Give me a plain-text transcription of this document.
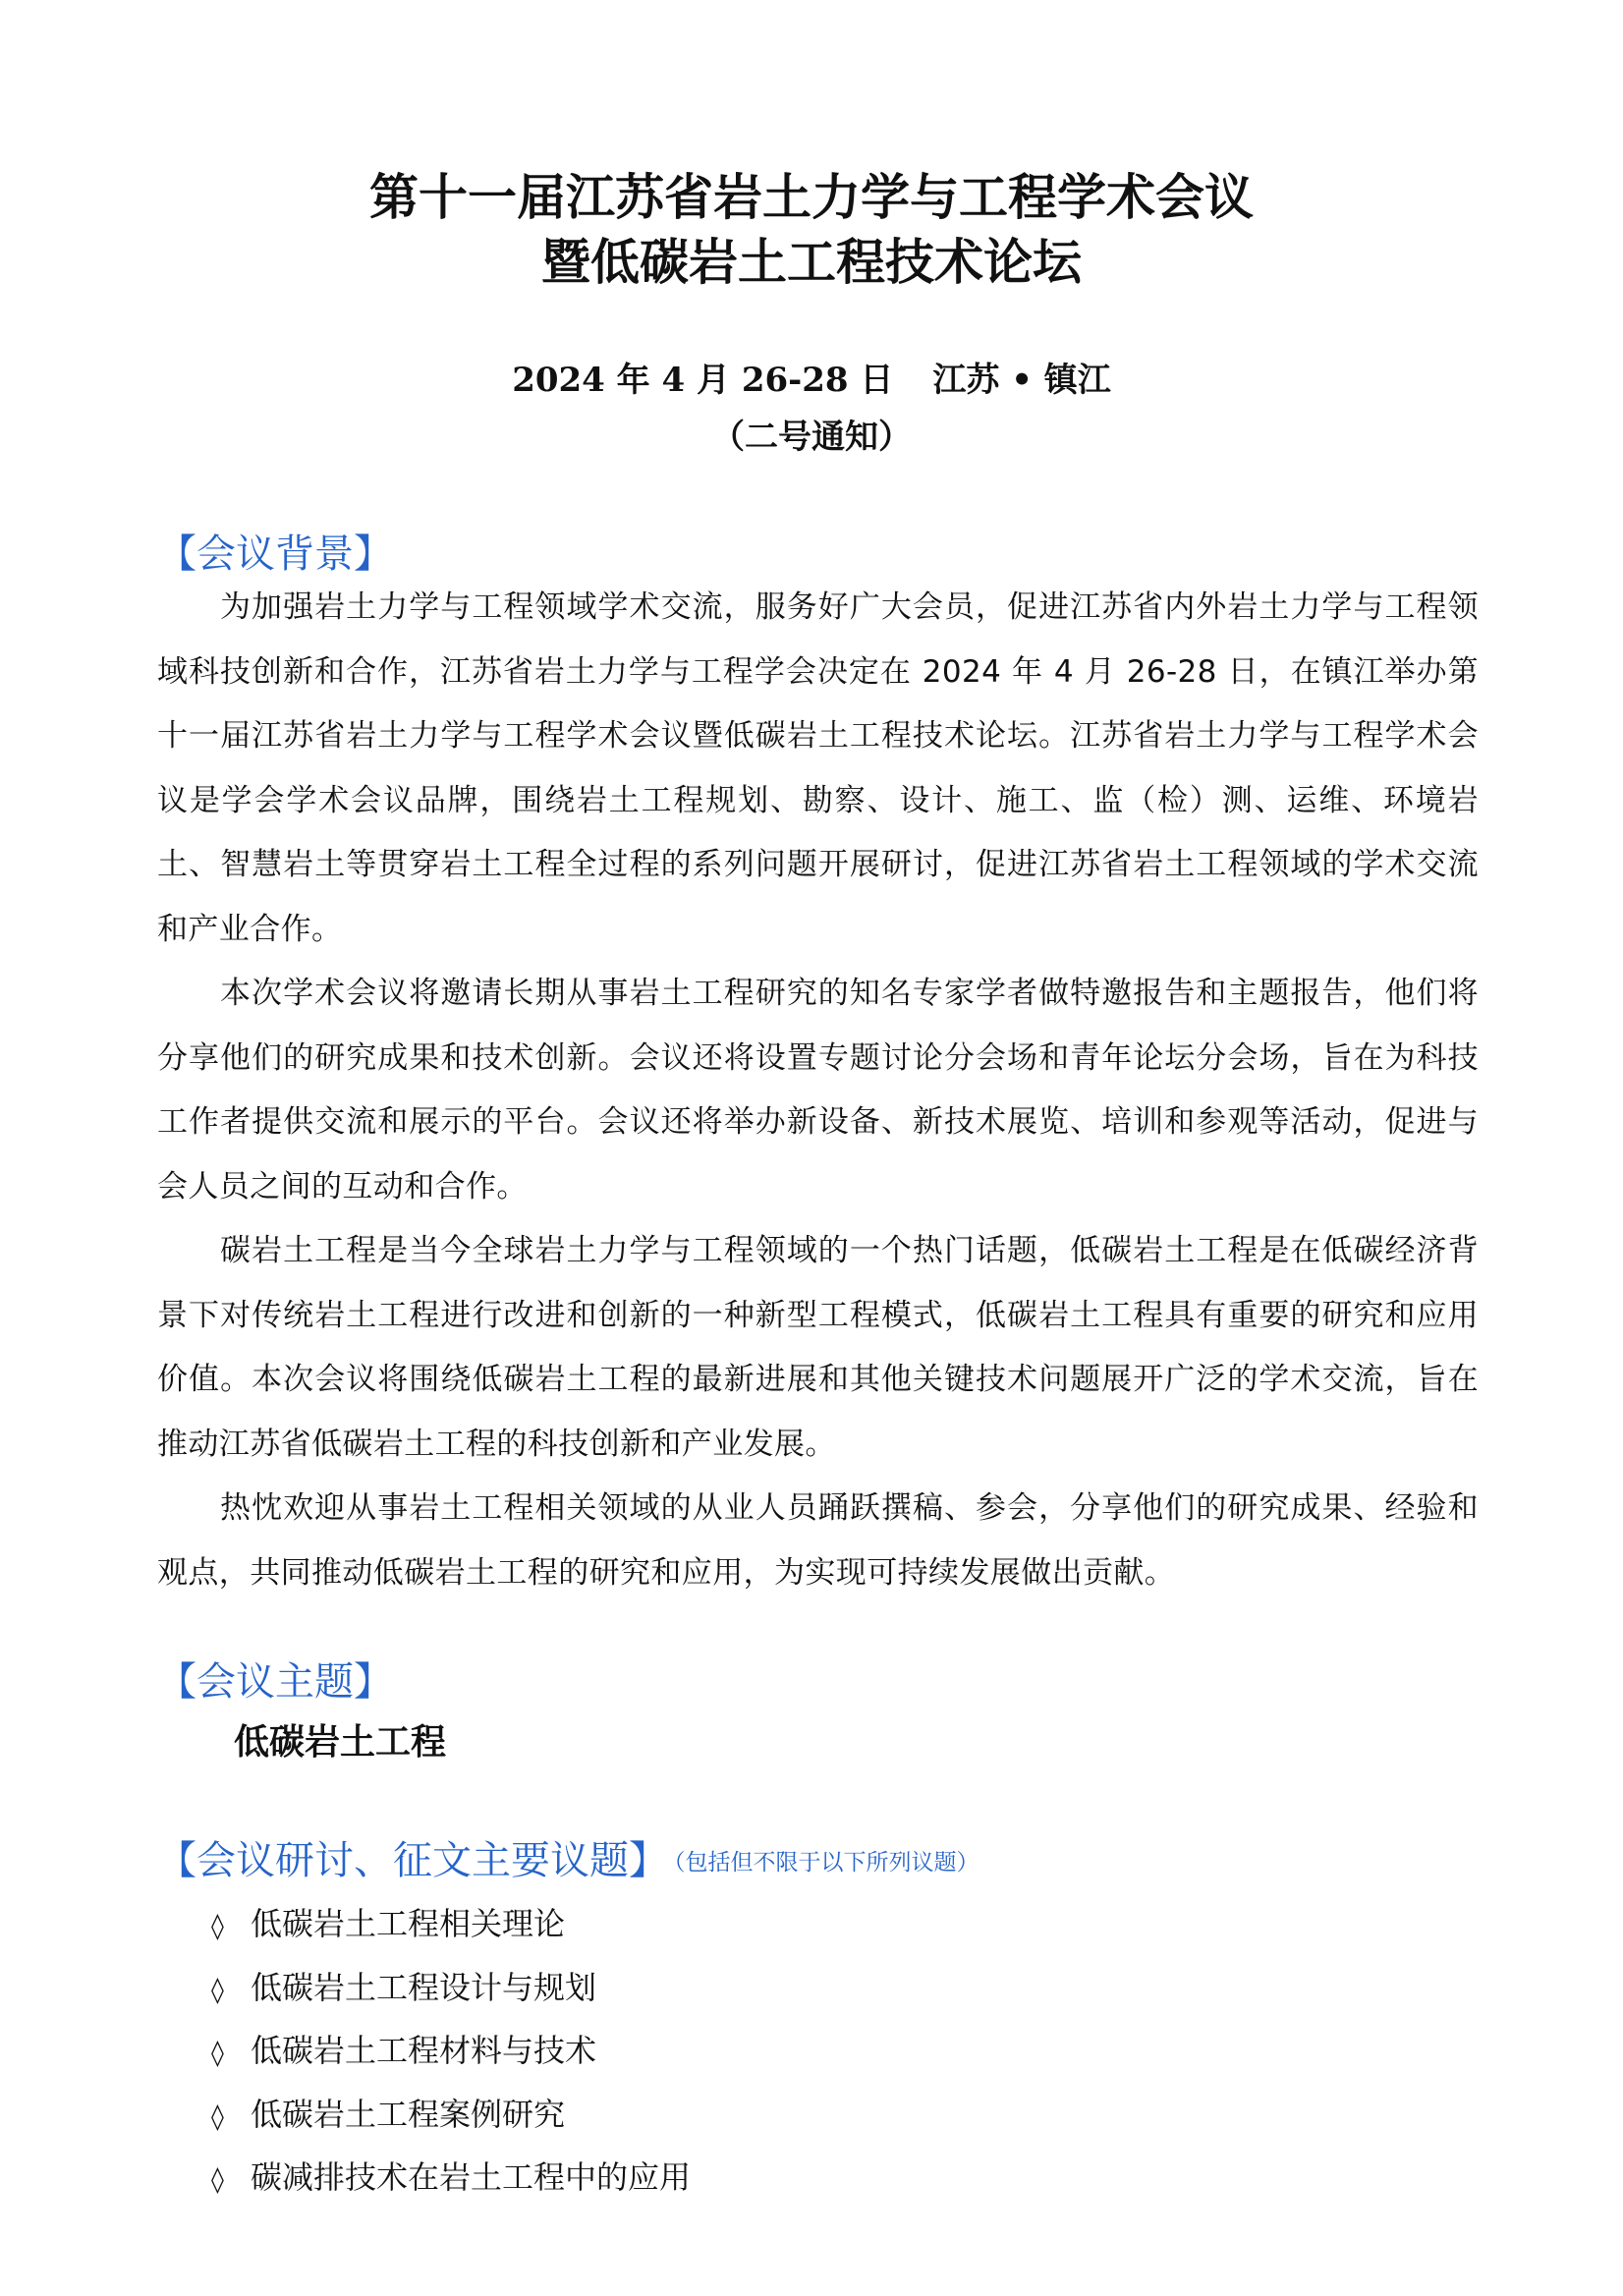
第十一届江苏省岩土力学与工程学术会议
暨低碳岩土工程技术论坛
2024 年 4 月 26-28 日 江苏 • 镇江
（二号通知）
【会议背景】

为加强岩土力学与工程领域学术交流，服务好广大会员，促进江苏省内外岩土力学与工程领域科技创新和合作，江苏省岩土力学与工程学会决定在 2024 年 4 月 26-28 日，在镇江举办第十一届江苏省岩土力学与工程学术会议暨低碳岩土工程技术论坛。江苏省岩土力学与工程学术会议是学会学术会议品牌，围绕岩土工程规划、勘察、设计、施工、监（检）测、运维、环境岩土、智慧岩土等贯穿岩土工程全过程的系列问题开展研讨，促进江苏省岩土工程领域的学术交流和产业合作。

本次学术会议将邀请长期从事岩土工程研究的知名专家学者做特邀报告和主题报告，他们将分享他们的研究成果和技术创新。会议还将设置专题讨论分会场和青年论坛分会场，旨在为科技工作者提供交流和展示的平台。会议还将举办新设备、新技术展览、培训和参观等活动，促进与会人员之间的互动和合作。

碳岩土工程是当今全球岩土力学与工程领域的一个热门话题，低碳岩土工程是在低碳经济背景下对传统岩土工程进行改进和创新的一种新型工程模式，低碳岩土工程具有重要的研究和应用价值。本次会议将围绕低碳岩土工程的最新进展和其他关键技术问题展开广泛的学术交流，旨在推动江苏省低碳岩土工程的科技创新和产业发展。

热忱欢迎从事岩土工程相关领域的从业人员踊跃撰稿、参会，分享他们的研究成果、经验和观点，共同推动低碳岩土工程的研究和应用，为实现可持续发展做出贡献。

【会议主题】
低碳岩土工程
【会议研讨、征文主要议题】 （包括但不限于以下所列议题）
◊ 低碳岩土工程相关理论
◊ 低碳岩土工程设计与规划
◊ 低碳岩土工程材料与技术
◊ 低碳岩土工程案例研究
◊ 碳减排技术在岩土工程中的应用
